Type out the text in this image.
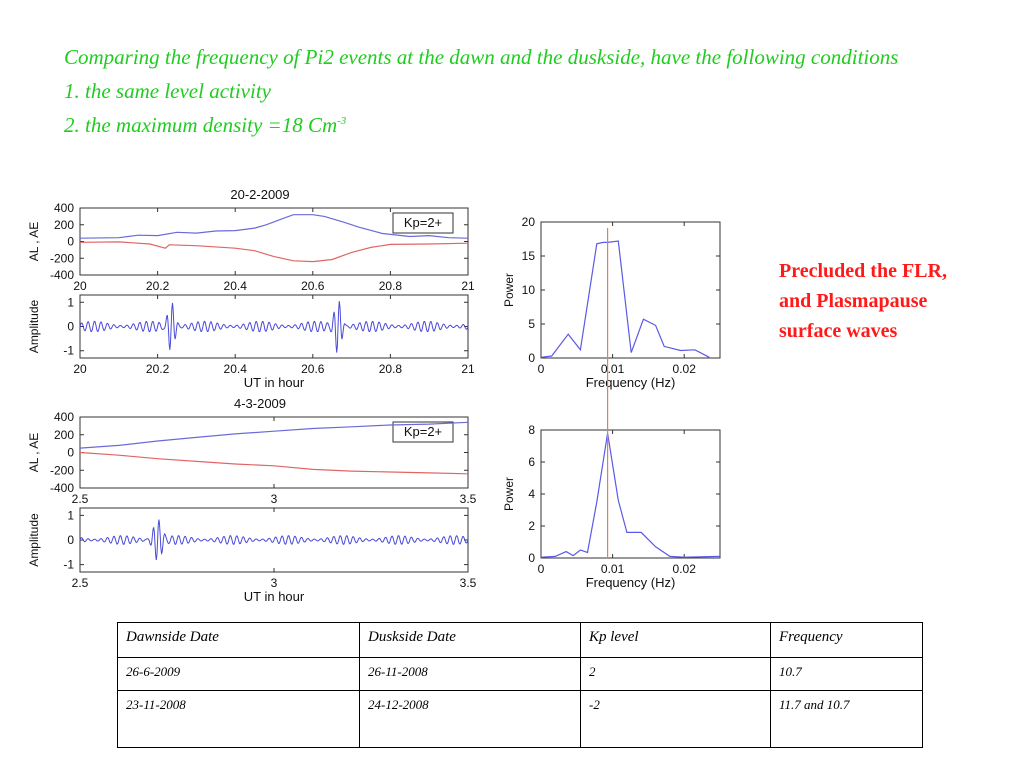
Comparing the frequency of Pi2 events at the dawn and the duskside, have the following conditions

1. the same level activity

2. the maximum density =18 $Cm^{-3}$

Precluded the FLR,
and Plasmapause
surface waves
400
200
0
-200
-400
20	20.2	20.4	20.6	20.8	21
AL , AE
20-2-2009
Kp=2+
1
0
-1
20	20.2	20.4	20.6	20.8	21
Amplitude
UT in hour
400
200
0
-200
-400
2.5	3	3.5
AL , AE
4-3-2009
Kp=2+
1
0
-1
2.5	3	3.5
Amplitude
UT in hour
20
15
10
5
0
0	0.01	0.02
Power
Frequency (Hz)
8
6
4
2
0
0	0.01	0.02
Power
Frequency (Hz)
Dawnside Date	Duskside Date	Kp level	Frequency
26-6-2009	26-11-2008	2	10.7
23-11-2008	24-12-2008	-2	11.7 and 10.7
